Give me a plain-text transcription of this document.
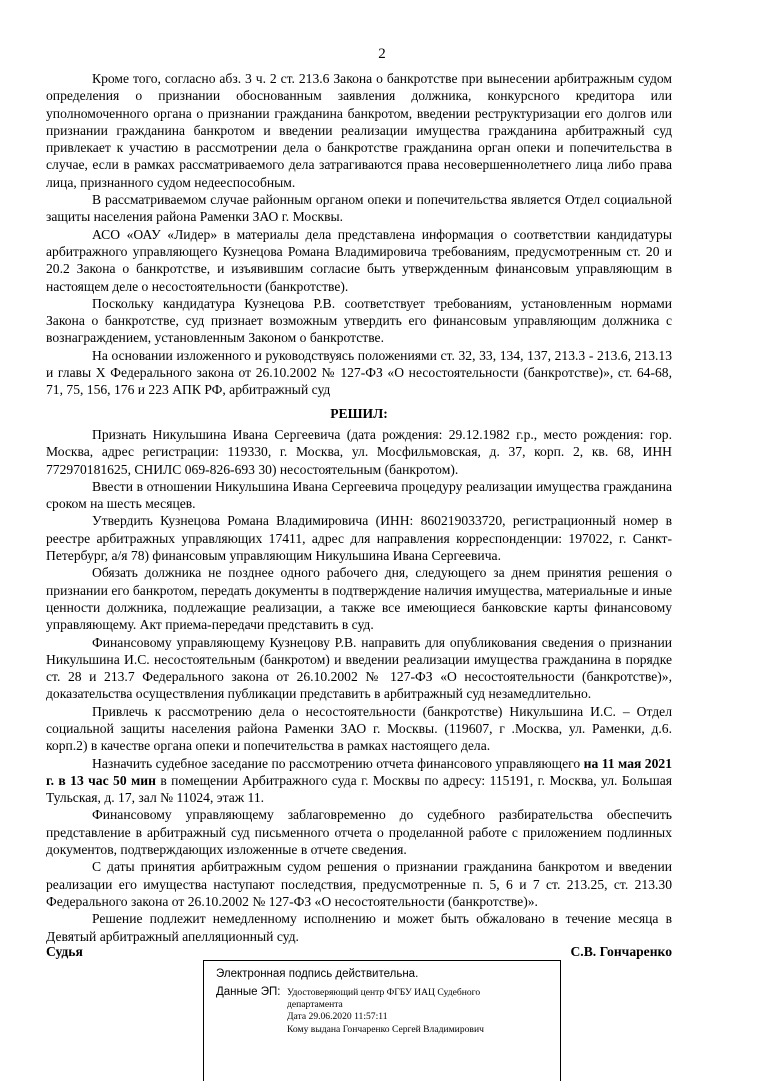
2

Кроме того, согласно абз. 3 ч. 2 ст. 213.6 Закона о банкротстве при вынесении арбитражным судом определения о признании обоснованным заявления должника, конкурсного кредитора или уполномоченного органа о признании гражданина банкротом, введении реструктуризации его долгов или признании гражданина банкротом и введении реализации имущества гражданина арбитражный суд привлекает к участию в рассмотрении дела о банкротстве гражданина орган опеки и попечительства в случае, если в рамках рассматриваемого дела затрагиваются права несовершеннолетнего лица либо права лица, признанного судом недееспособным.

В рассматриваемом случае районным органом опеки и попечительства является Отдел социальной защиты населения района Раменки ЗАО г. Москвы.

АСО «ОАУ «Лидер» в материалы дела представлена информация о соответствии кандидатуры арбитражного управляющего Кузнецова Романа Владимировича требованиям, предусмотренным ст. 20 и 20.2 Закона о банкротстве, и изъявившим согласие быть утвержденным финансовым управляющим в настоящем деле о несостоятельности (банкротстве).

Поскольку кандидатура Кузнецова Р.В. соответствует требованиям, установленным нормами Закона о банкротстве, суд признает возможным утвердить его финансовым управляющим должника с вознаграждением, установленным Законом о банкротстве.

На основании изложенного и руководствуясь положениями ст. 32, 33, 134, 137, 213.3 - 213.6, 213.13 и главы X Федерального закона от 26.10.2002 № 127-ФЗ «О несостоятельности (банкротстве)», ст. 64-68, 71, 75, 156, 176 и 223 АПК РФ, арбитражный суд

РЕШИЛ:

Признать Никульшина Ивана Сергеевича (дата рождения: 29.12.1982 г.р., место рождения: гор. Москва, адрес регистрации: 119330, г. Москва, ул. Мосфильмовская, д. 37, корп. 2, кв. 68, ИНН 772970181625, СНИЛС 069-826-693 30) несостоятельным (банкротом).

Ввести в отношении Никульшина Ивана Сергеевича процедуру реализации имущества гражданина сроком на шесть месяцев.

Утвердить Кузнецова Романа Владимировича (ИНН: 860219033720, регистрационный номер в реестре арбитражных управляющих 17411, адрес для направления корреспонденции: 197022, г. Санкт-Петербург, а/я 78) финансовым управляющим Никульшина Ивана Сергеевича.

Обязать должника не позднее одного рабочего дня, следующего за днем принятия решения о признании его банкротом, передать документы в подтверждение наличия имущества, материальные и иные ценности должника, подлежащие реализации, а также все имеющиеся банковские карты финансовому управляющему. Акт приема-передачи представить в суд.

Финансовому управляющему Кузнецову Р.В. направить для опубликования сведения о признании Никульшина И.С. несостоятельным (банкротом) и введении реализации имущества гражданина в порядке ст. 28 и 213.7 Федерального закона от 26.10.2002 № 127-ФЗ «О несостоятельности (банкротстве)», доказательства осуществления публикации представить в арбитражный суд незамедлительно.

Привлечь к рассмотрению дела о несостоятельности (банкротстве) Никульшина И.С. – Отдел социальной защиты населения района Раменки ЗАО г. Москвы. (119607, г .Москва, ул. Раменки, д.6. корп.2) в качестве органа опеки и попечительства в рамках настоящего дела.

Назначить судебное заседание по рассмотрению отчета финансового управляющего на 11 мая 2021 г. в 13 час 50 мин в помещении Арбитражного суда г. Москвы по адресу: 115191, г. Москва, ул. Большая Тульская, д. 17, зал № 11024, этаж 11.

Финансовому управляющему заблаговременно до судебного разбирательства обеспечить представление в арбитражный суд письменного отчета о проделанной работе с приложением подлинных документов, подтверждающих изложенные в отчете сведения.

С даты принятия арбитражным судом решения о признании гражданина банкротом и введении реализации его имущества наступают последствия, предусмотренные п. 5, 6 и 7 ст. 213.25, ст. 213.30 Федерального закона от 26.10.2002 № 127-ФЗ «О несостоятельности (банкротстве)».

Решение подлежит немедленному исполнению и может быть обжаловано в течение месяца в Девятый арбитражный апелляционный суд.

Судья	С.В. Гончаренко
Электронная подпись действительна.
Данные ЭП: Удостоверяющий центр ФГБУ ИАЦ Судебного
департамента
Дата 29.06.2020 11:57:11
Кому выдана Гончаренко Сергей Владимирович
